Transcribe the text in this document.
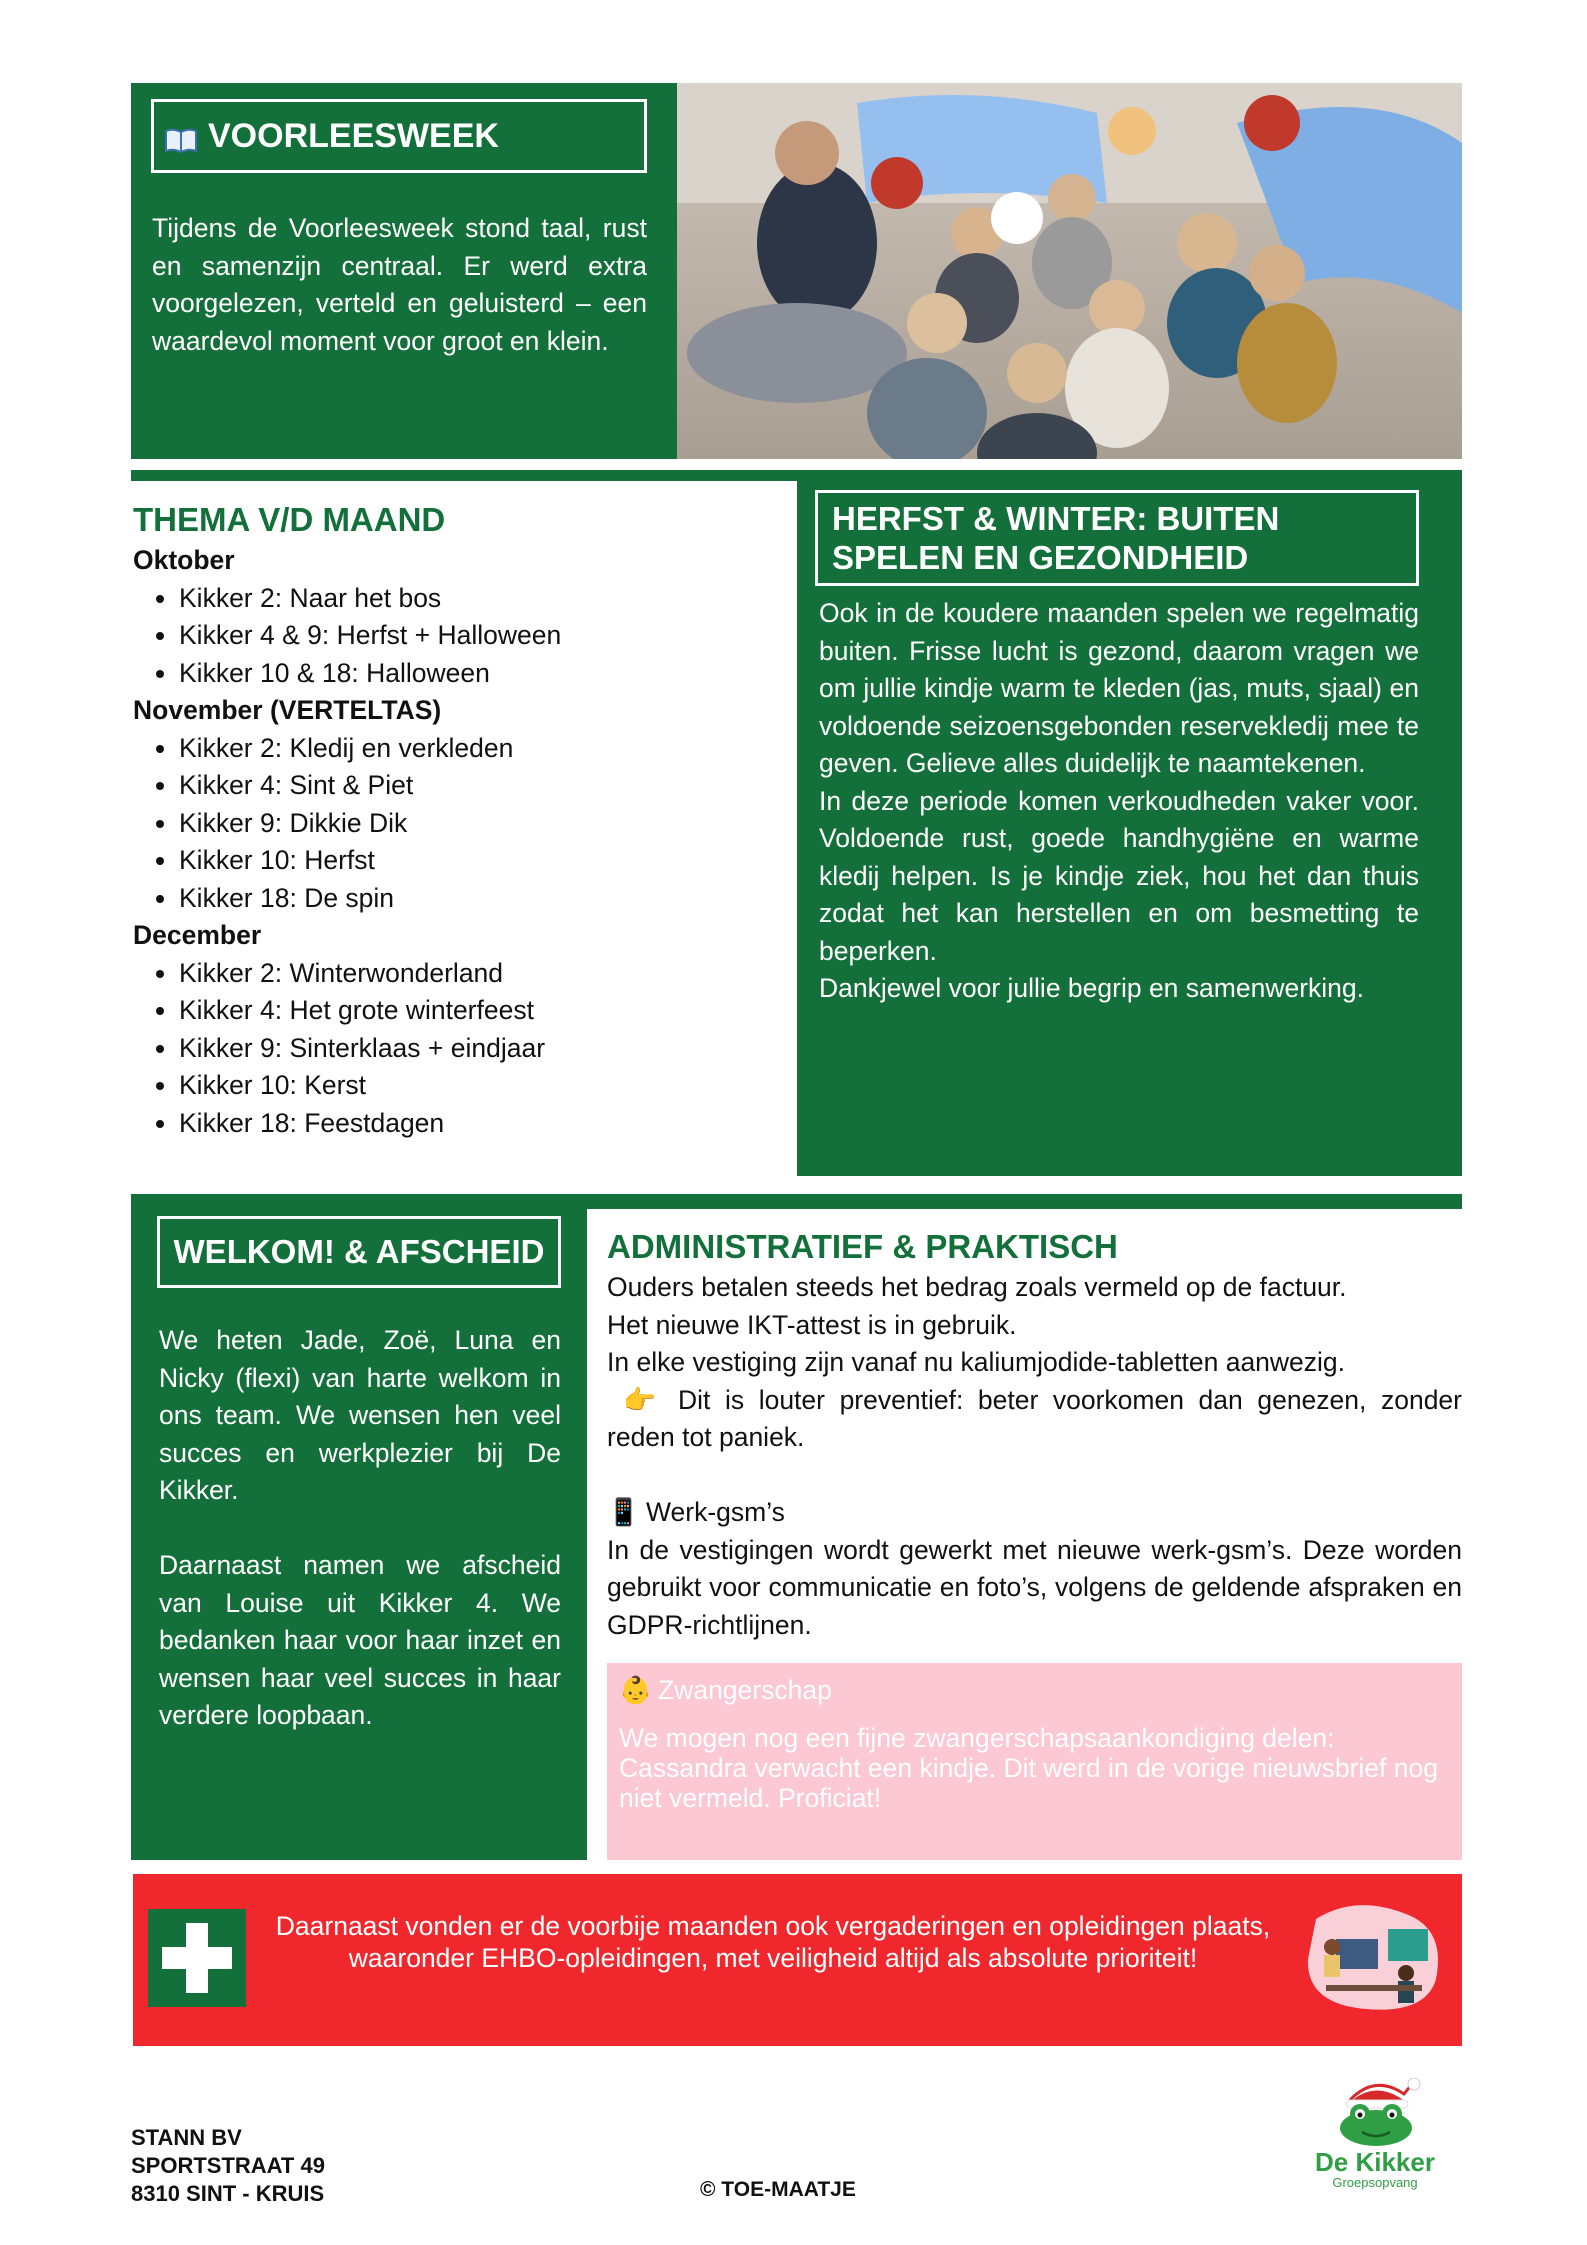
VOORLEESWEEK
Tijdens de Voorleesweek stond taal, rust en samenzijn centraal. Er werd extra voorgelezen, verteld en geluisterd – een waardevol moment voor groot en klein.
THEMA V/D MAAND
Oktober
• Kikker 2: Naar het bos
• Kikker 4 & 9: Herfst + Halloween
• Kikker 10 & 18: Halloween
November (VERTELTAS)
• Kikker 2: Kledij en verkleden
• Kikker 4: Sint & Piet
• Kikker 9: Dikkie Dik
• Kikker 10: Herfst
• Kikker 18: De spin
December
• Kikker 2: Winterwonderland
• Kikker 4: Het grote winterfeest
• Kikker 9: Sinterklaas + eindjaar
• Kikker 10: Kerst
• Kikker 18: Feestdagen
HERFST & WINTER: BUITEN
SPELEN EN GEZONDHEID

Ook in de koudere maanden spelen we regelmatig buiten. Frisse lucht is gezond, daarom vragen we om jullie kindje warm te kleden (jas, muts, sjaal) en voldoende seizoensgebonden reservekledij mee te geven. Gelieve alles duidelijk te naamtekenen.

In deze periode komen verkoudheden vaker voor. Voldoende rust, goede handhygiëne en warme kledij helpen. Is je kindje ziek, hou het dan thuis zodat het kan herstellen en om besmetting te beperken.

Dankjewel voor jullie begrip en samenwerking.

WELKOM! & AFSCHEID

We heten Jade, Zoë, Luna en Nicky (flexi) van harte welkom in ons team. We wensen hen veel succes en werkplezier bij De Kikker.

Daarnaast namen we afscheid van Louise uit Kikker 4. We bedanken haar voor haar inzet en wensen haar veel succes in haar verdere loopbaan.

ADMINISTRATIEF & PRAKTISCH

Ouders betalen steeds het bedrag zoals vermeld op de factuur.

Het nieuwe IKT-attest is in gebruik.

In elke vestiging zijn vanaf nu kaliumjodide-tabletten aanwezig.

👉 Dit is louter preventief: beter voorkomen dan genezen, zonder reden tot paniek.

📱 Werk-gsm’s

In de vestigingen wordt gewerkt met nieuwe werk-gsm’s. Deze worden gebruikt voor communicatie en foto’s, volgens de geldende afspraken en GDPR-richtlijnen.

👶 Zwangerschap

We mogen nog een fijne zwangerschapsaankondiging delen: Cassandra verwacht een kindje. Dit werd in de vorige nieuwsbrief nog niet vermeld. Proficiat!

Daarnaast vonden er de voorbije maanden ook vergaderingen en opleidingen plaats, waaronder EHBO-opleidingen, met veiligheid altijd als absolute prioriteit!
STANN BV
SPORTSTRAAT 49
8310 SINT - KRUIS	© TOE-MAATJE
De Kikker
Groepsopvang
